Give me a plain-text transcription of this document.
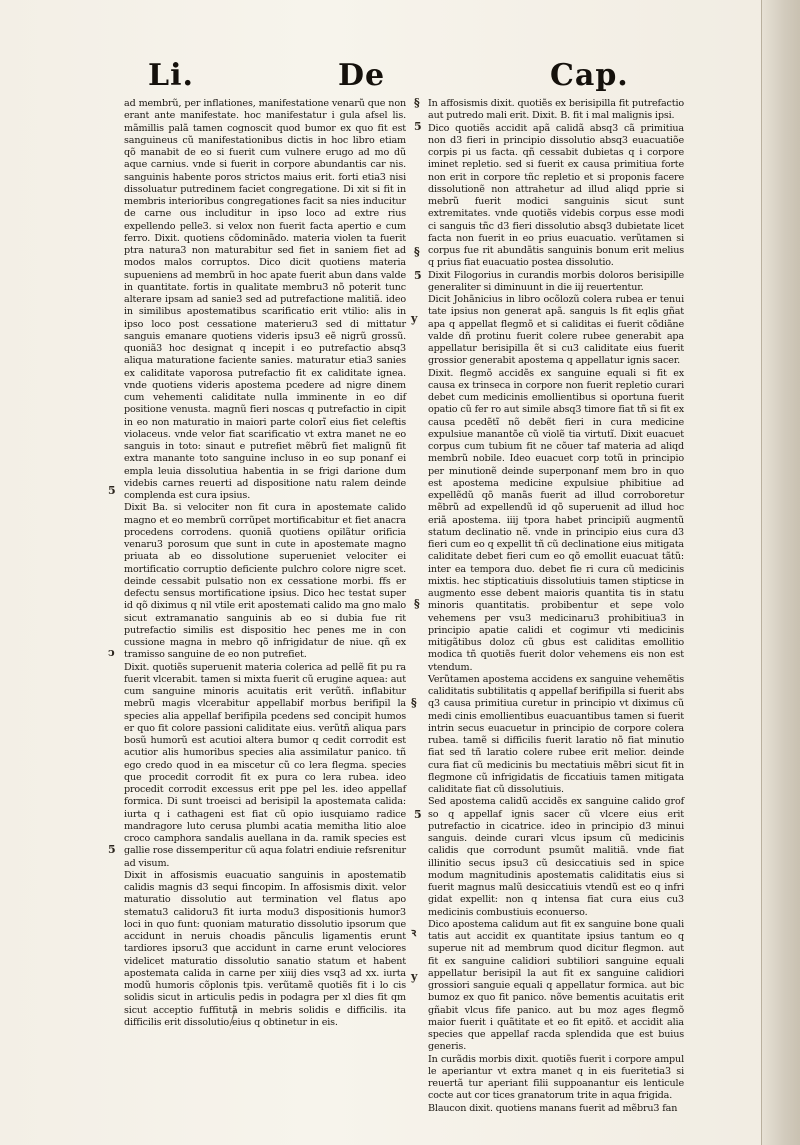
Li.	De	Cap.
5
ↄ
5
§
5
§
5
y
§
§
5
ꝛ
y

ad membrũ, per inflationes, manifestatione venarũ que non erant ante manifestate. hoc manifestatur i gula afsel lis. mãmillis palã tamen cognoscit quod bumor ex quo fit est sanguineus cũ manifestationibus dictis in hoc libro etiam qõ manabit de eo si fuerit cum vulnere erugo ad mo dũ aque carnius. vnde si fuerit in corpore abundantis car nis. sanguinis habente poros strictos maius erit. forti etia3 nisi dissoluatur putredinem faciet congregatione. Di xit si fit in membris interioribus congregationes facit sa nies inducitur de carne ous includitur in ipso loco ad extre rius expellendo pelle3. si velox non fuerit facta apertio e cum ferro. Dixit. quotiens cõdominãdo. materia violen ta fuerit ptra natura3 non maturabitur sed fiet in saniem fiet ad modos malos corruptos. Dico dicit quotiens materia supueniens ad membrũ in hoc apate fuerit abun dans valde in quantitate. fortis in qualitate membru3 nõ poterit tunc alterare ipsam ad sanie3 sed ad putrefactione malitiã. ideo in similibus apostematibus scarificatio erit vtilio: alis in ipso loco post cessatione materieru3 sed di mittatur sanguis emanare quotiens videris ipsu3 eẽ nigrũ grossũ. quoniã3 hoc designat q incepit i eo putrefactio absq3 aliqua maturatione faciente sanies. maturatur etia3 sanies ex caliditate vaporosa putrefactio fit ex caliditate ignea. vnde quotiens videris apostema pcedere ad nigre dinem cum vehementi caliditate nulla imminente in eo dif positione venusta. magnũ fieri noscas q putrefactio in cipit in eo non maturatio in maiori parte colorĩ eius fiet celeftis violaceus. vnde velor fiat scarificatio vt extra manet ne eo sanguis in toto: sinaut e putrefiet mẽbrũ fiet malignũ fit extra manante toto sanguine incluso in eo sup ponanf ei empla leuia dissolutiua habentia in se frigi darione dum videbis carnes reuerti ad dispositione natu ralem deinde complenda est cura ipsius.

Dixit Ba. si velociter non fit cura in apostemate calido magno et eo membrũ corrũpet mortificabitur et fiet anacra procedens corrodens. quoniã quotiens opilãtur orificia venaru3 porosum que sunt in cute in apostemate magno priuata ab eo dissolutione superueniet velociter ei mortificatio corruptio deficiente pulchro colore nigre scet. deinde cessabit pulsatio non ex cessatione morbi. ffs er defectu sensus mortificatione ipsius. Dico hec testat super id qõ diximus q nil vtile erit apostemati calido ma gno malo sicut extramanatio sanguinis ab eo si dubia fue rit putrefactio similis est dispositio hec penes me in con cussione magna in mebro qõ infrigidatur de niue. qñ ex tramisso sanguine de eo non putrefiet.

Dixit. quotiẽs superuenit materia colerica ad pellẽ fit pu ra fuerit vlcerabit. tamen si mixta fuerit cũ erugine aquea: aut cum sanguine minoris acuitatis erit verũtñ. inflabitur mebrũ magis vlcerabitur appellabif morbus berifipil la species alia appellaf berifipila pcedens sed concipit humos er quo fit colore passioni caliditate eius. verũtñ aliqua pars bosũ humorũ est acutioi altera bumor q cedit corrodit est acutior alis humoribus species alia assimilatur panico. tñ ego credo quod in ea miscetur cũ co lera flegma. species que procedit corrodit fit ex pura co lera rubea. ideo procedit corrodit excessus erit ppe pel les. ideo appellaf formica. Di sunt troeisci ad berisipil la apostemata calida: iurta q i cathageni est fiat cũ opio iusquiamo radice mandragore luto cerusa plumbi acatia memitha litio aloe croco camphora sandalis auellana in da. ramik species est gallie rose dissemperitur cũ aqua folatri endiuie refsrenitur ad visum.

Dixit in affosismis euacuatio sanguinis in apostematib calidis magnis d3 sequi fincopim. In affosismis dixit. velor maturatio dissolutio aut termination vel flatus apo stematu3 calidoru3 fit iurta modu3 dispositionis humor3 loci in quo funt: quoniam maturatio dissolutio ipsorum que accidunt in neruis choadis pãnculis ligamentis erunt tardiores ipsoru3 que accidunt in carne erunt velociores videlicet maturatio dissolutio sanatio statum et habent apostemata calida in carne per xiiij dies vsq3 ad xx. iurta modũ humoris cõplonis tpis. verũtamẽ quotiẽs fit i lo cis solidis sicut in articulis pedis in podagra per xl dies fit qm sicut acceptio fuffitutã in mebris solidis e difficilis. ita difficilis erit dissolutio eius q obtinetur in eis.

In affosismis dixit. quotiẽs ex berisipilla fit putrefactio aut putredo mali erit. Dixit. B. fit i mal malignis ipsi.

Dico quotiẽs accidit apã calidã absq3 cã primitiua non d3 fieri in principio dissolutio absq3 euacuatiõe corpis pi us facta. qñ cessabit dubietas q i corpore iminet repletio. sed si fuerit ex causa primitiua forte non erit in corpore tñc repletio et si proponis facere dissolutionẽ non attrahetur ad illud aliqd pprie si mebrũ fuerit modici sanguinis sicut sunt extremitates. vnde quotiẽs videbis corpus esse modi ci sanguis tñc d3 fieri dissolutio absq3 dubietate licet facta non fuerit in eo prius euacuatio. verũtamen si corpus fue rit abundãtis sanguinis bonum erit melius q prius fiat euacuatio postea dissolutio.

Dixit Filogorius in curandis morbis doloros berisipille generaliter si diminuunt in die iij reuertentur.

Dicit Johãnicius in libro ocõlozũ colera rubea er tenui tate ipsius non generat apã. sanguis ls fit eqlis gñat apa q appellat flegmõ et si caliditas ei fuerit cõdiãne valde dñ protinu fuerit colere rubee generabit apa appellatur berisipilla ẽt si cu3 caliditate eius fuerit grossior generabit apostema q appellatur ignis sacer.

Dixit. flegmõ accidẽs ex sanguine equali si fit ex causa ex trinseca in corpore non fuerit repletio curari debet cum medicinis emollientibus si oportuna fuerit opatio cũ fer ro aut simile absq3 timore fiat tñ si fit ex causa pcedẽtĩ nõ debẽt fieri in cura medicine expulsiue manantõe cũ violẽ tia virtutĩ. Dixit euacuet corpus cum tubium fit ne cõuer taf materia ad aliqd membrũ nobile. Ideo euacuet corp totũ in principio per minutionẽ deinde superponanf mem bro in quo est apostema medicine expulsiue phibitiue ad expellẽdũ qõ manãs fuerit ad illud corroboretur mẽbrũ ad expellendũ id qõ superuenit ad illud hoc eriã apostema. iiij tpora habet principiũ augmentũ statum declinatio nẽ. vnde in principio eius cura d3 fieri cum eo q expellit tñ cũ declinatione eius mitigata caliditate debet fieri cum eo qõ emollit euacuat tãtũ: inter ea tempora duo. debet fie ri cura cũ medicinis mixtis. hec stipticatiuis dissolutiuis tamen stipticse in augmento esse debent maioris quantita tis in statu minoris quantitatis. probibentur et sepe volo vehemens per vsu3 medicinaru3 prohibitiua3 in principio apatie calidi et cogimur vti medicinis mitigãtibus doloz cũ gbus est caliditas emollitio modica tñ quotiẽs fuerit dolor vehemens eis non est vtendum.

Verũtamen apostema accidens ex sanguine vehemẽtis caliditatis subtilitatis q appellaf berifipilla si fuerit abs q3 causa primitiua curetur in principio vt diximus cũ medi cinis emollientibus euacuantibus tamen si fuerit intrin secus euacuetur in principio de corpore colera rubea. tamẽ si difficilis fuerit laratio nõ fiat minutio fiat sed tñ laratio colere rubee erit melior. deinde cura fiat cũ medicinis bu mectatiuis mẽbri sicut fit in flegmone cũ infrigidatis de ficcatiuis tamen mitigata caliditate fiat cũ dissolutiuis.

Sed apostema calidũ accidẽs ex sanguine calido grof so q appellaf ignis sacer cũ vlcere eius erit putrefactio in cicatrice. ideo in principio d3 minui sanguis. deinde curari vlcus ipsum cũ medicinis calidis que corrodunt psumũt malitiã. vnde fiat illinitio secus ipsu3 cũ desiccatiuis sed in spice modum magnitudinis apostematis caliditatis eius si fuerit magnus malũ desiccatiuis vtendũ est eo q infri gidat expellit: non q intensa fiat cura eius cu3 medicinis combustiuis econuerso.

Dico apostema calidum aut fit ex sanguine bone quali tatis aut accidit ex quantitate ipsius tantum eo q superue nit ad membrum quod dicitur flegmon. aut fit ex sanguine calidiori subtiliori sanguine equali appellatur berisipil la aut fit ex sanguine calidiori grossiori sanguie equali q appellatur formica. aut bic bumoz ex quo fit panico. nõve bementis acuitatis erit gñabit vlcus fife panico. aut bu moz ages flegmõ maior fuerit i quãtitate et eo fit epitõ. et accidit alia species que appellaf racda splendida que est buius generis.

In curãdis morbis dixit. quotiẽs fuerit i corpore ampul le aperiantur vt extra manet q in eis fueritetia3 si reuertã tur aperiant filii suppoanantur eis lenticule cocte aut cor tices granatorum trite in aqua frigida.

Blaucon dixit. quotiens manans fuerit ad mẽbru3 fan
